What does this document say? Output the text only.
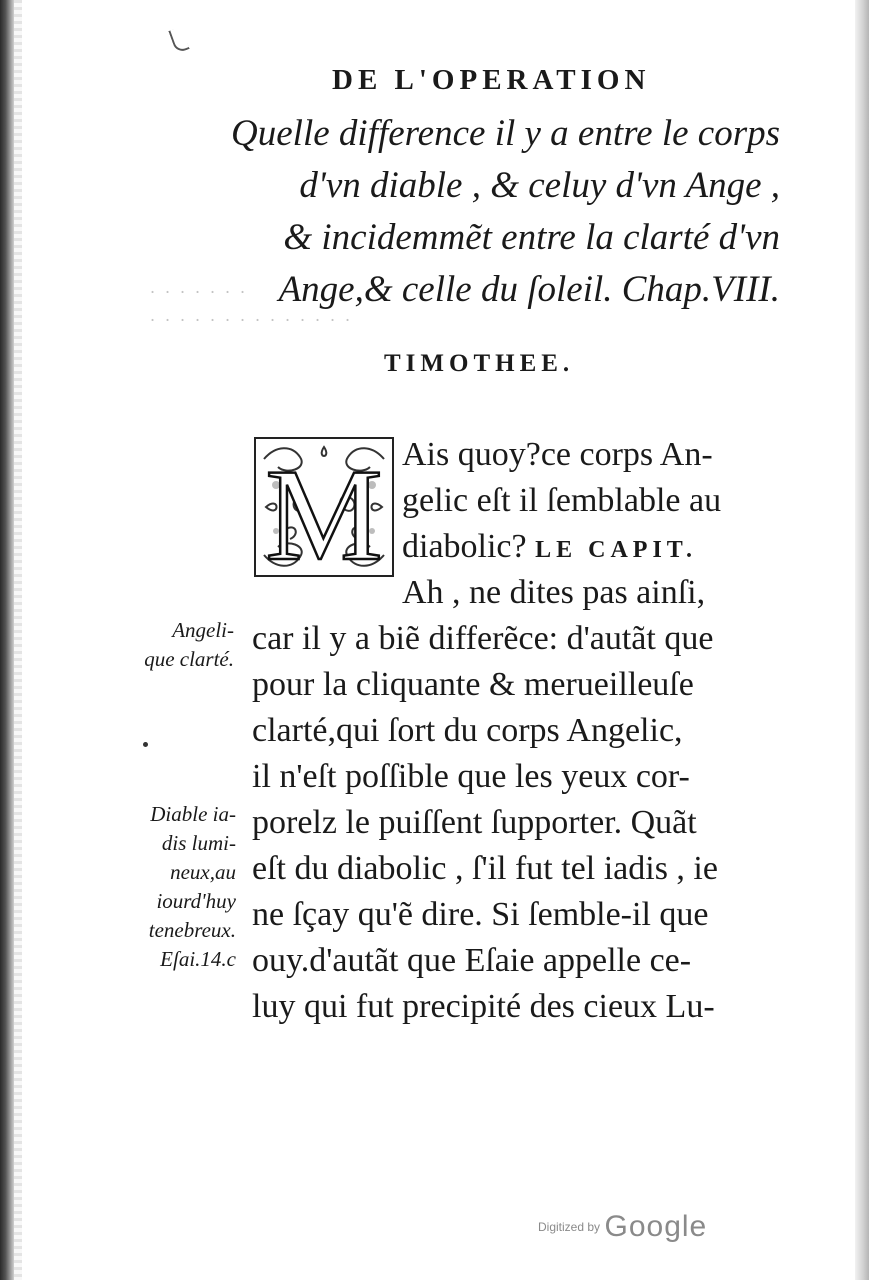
DE L'OPERATION
Quelle difference il y a entre le corps
d'vn diable , & celuy d'vn Ange ,
& incidemmẽt entre la clarté d'vn
Ange,& celle du ſoleil. Chap.VIII.
· · · · · · ·
· · · · · · · · · · · · · ·
TIMOTHEE.
M Ais quoy?ce corps An-
gelic eſt il ſemblable au
diabolic? LE CAPIT.
Ah , ne dites pas ainſi,
car il y a biẽ differẽce: d'autãt que
pour la cliquante & merueilleuſe
clarté,qui ſort du corps Angelic,
il n'eſt poſſible que les yeux cor-
porelz le puiſſent ſupporter. Quãt
eſt du diabolic , ſ'il fut tel iadis , ie
ne ſçay qu'ẽ dire. Si ſemble-il que
ouy.d'autãt que Eſaie appelle ce-
luy qui fut precipité des cieux Lu-
Angeli-
que clarté.
Diable ia-
dis lumi-
neux,au
iourd'huy
tenebreux.
Eſai.14.c
$^{Digitized by}$ Google
